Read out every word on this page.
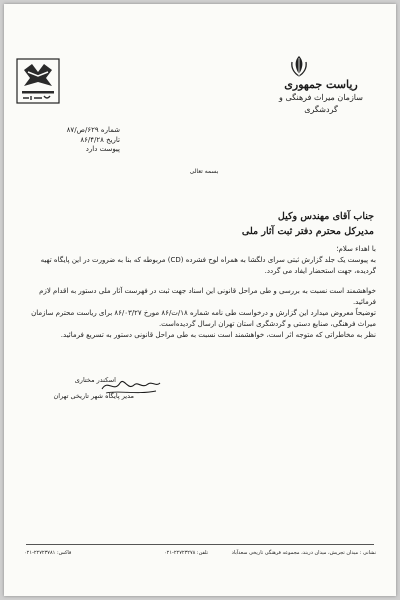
ریاست جمهوری
سازمان میراث فرهنگی و گردشگری
شماره ۶۲۹/ص/۸۷
تاریخ ۸۶/۴/۲۸
پیوست دارد
بسمه تعالی
جناب آقای مهندس وکیل
مدیرکل محترم دفتر ثبت آثار ملی

با اهداء سلام؛

به پیوست یک جلد گزارش ثبتی سرای دلگشا به همراه لوح فشرده (CD) مربوطه که بنا به ضرورت در این پایگاه تهیه گردیده، جهت استحضار ایفاد می گردد.

خواهشمند است نسبت به بررسی و طی مراحل قانونی این اسناد جهت ثبت در فهرست آثار ملی دستور به اقدام لازم فرمائید.

توضیحاً معروض میدارد این گزارش و درخواست طی نامه شماره ۱۸/ت/۸۶ مورخ ۸۶/۰۳/۲۷ برای ریاست محترم سازمان میراث فرهنگی، صنایع دستی و گردشگری استان تهران ارسال گردیده‌است.

نظر به مخاطراتی که متوجه اثر است، خواهشمند است نسبت به طی مراحل قانونی دستور به تسریع فرمائید.

اسکندر مختاری
مدیر پایگاه شهر تاریخی تهران
نشانی : میدان تجریش، میدان دربند، مجموعه فرهنگی تاریخی سعدآباد
تلفن: ۲۲۷۲۳۲۷۸-۰۲۱
فاکس: ۲۲۷۲۳۷۸۱-۰۲۱
